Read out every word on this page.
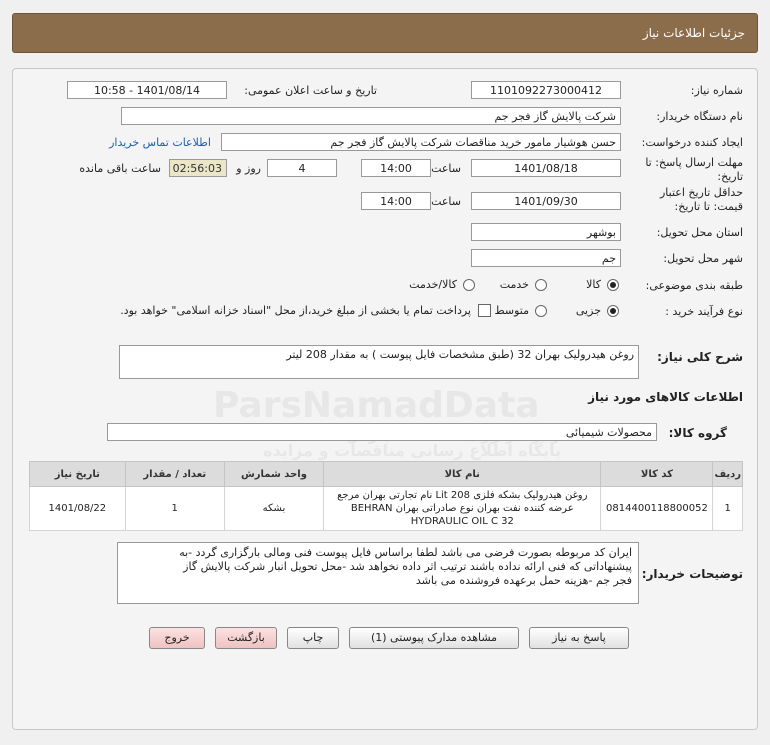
جزئیات اطلاعات نیاز
ParsNamadData
پایگاه اطلاع رسانی مناقصات و مزایده
شماره نیاز:
1101092273000412
تاریخ و ساعت اعلان عمومی:
1401/08/14 - 10:58
نام دستگاه خریدار:
شرکت پالایش گاز فجر جم
ایجاد کننده درخواست:
حسن هوشیار مامور خرید مناقصات شرکت پالایش گاز فجر جم
اطلاعات تماس خریدار
مهلت ارسال پاسخ: تا
تاریخ:
1401/08/18
ساعت
14:00
4
روز و
02:56:03
ساعت باقی مانده
حداقل تاریخ اعتبار
قیمت: تا تاریخ:
1401/09/30
ساعت
14:00
استان محل تحویل:
بوشهر
شهر محل تحویل:
جم
طبقه بندی موضوعی:
کالا
خدمت
کالا/خدمت
نوع فرآیند خرید :
جزیی
متوسط
پرداخت تمام یا بخشی از مبلغ خرید،از محل "اسناد خزانه اسلامی" خواهد بود.
شرح کلی نیاز:
روغن هیدرولیک بهران 32 (طبق مشخصات فایل پیوست ) به مقدار 208 لیتر
اطلاعات کالاهای مورد نیاز
گروه کالا:
محصولات شیمیائی
ردیف	کد کالا	نام کالا	واحد شمارش	تعداد / مقدار	تاریخ نیاز
1	0814400118800052	روغن هیدرولیک بشکه فلزی 208 Lit نام تجارتی بهران مرجع
عرضه کننده نفت بهران نوع صادراتی بهران BEHRAN
HYDRAULIC OIL C 32	بشکه	1	1401/08/22
توضیحات خریدار:
ایران کد مربوطه بصورت فرضی می باشد لطفا براساس فایل پیوست فنی ومالی بارگزاری گردد -به
پیشنهاداتی که فنی ارائه نداده باشند ترتیب اثر داده نخواهد شد -محل تحویل انبار شرکت پالایش گاز
فجر جم -هزینه حمل برعهده فروشنده می باشد
پاسخ به نیاز
مشاهده مدارک پیوستی (1)
چاپ
بازگشت
خروج
